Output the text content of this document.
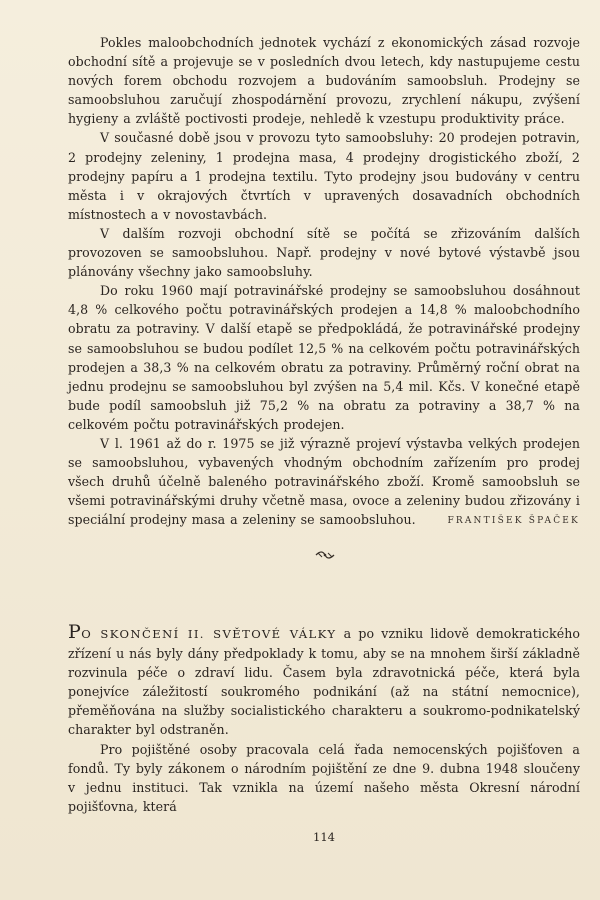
Pokles maloobchodních jednotek vychází z ekonomických zásad rozvoje obchodní sítě a projevuje se v posledních dvou letech, kdy nastupujeme cestu nových forem obchodu rozvojem a budováním samoobsluh. Prodejny se samoobsluhou zaručují zhospodárnění provozu, zrychlení nákupu, zvýšení hygieny a zvláště poctivosti prodeje, nehledě k vzestupu produktivity práce.

V současné době jsou v provozu tyto samoobsluhy: 20 prodejen potravin, 2 prodejny zeleniny, 1 prodejna masa, 4 prodejny drogistického zboží, 2 prodejny papíru a 1 prodejna textilu. Tyto prodejny jsou budovány v centru města i v okrajových čtvrtích v upravených dosavadních obchodních místnostech a v novostavbách.

V dalším rozvoji obchodní sítě se počítá se zřizováním dalších provozoven se samoobsluhou. Např. prodejny v nové bytové výstavbě jsou plánovány všechny jako samoobsluhy.

Do roku 1960 mají potravinářské prodejny se samoobsluhou dosáhnout 4,8 % celkového počtu potravinářských prodejen a 14,8 % maloobchodního obratu za potraviny. V další etapě se předpokládá, že potravinářské prodejny se samoobsluhou se budou podílet 12,5 % na celkovém počtu potravinářských prodejen a 38,3 % na celkovém obratu za potraviny. Průměrný roční obrat na jednu prodejnu se samoobsluhou byl zvýšen na 5,4 mil. Kčs. V konečné etapě bude podíl samoobsluh již 75,2 % na obratu za potraviny a 38,7 % na celkovém počtu potravinářských prodejen.

V l. 1961 až do r. 1975 se již výrazně projeví výstavba velkých prodejen se samoobsluhou, vybavených vhodným obchodním zařízením pro prodej všech druhů účelně baleného potravinářského zboží. Kromě samoobsluh se všemi potravinářskými druhy včetně masa, ovoce a zeleniny budou zřizovány i speciální prodejny masa a zeleniny se samoobsluhou.	FRANTIŠEK ŠPAČEK

PO SKONČENÍ II. SVĚTOVÉ VÁLKY a po vzniku lidově demokratického zřízení u nás byly dány předpoklady k tomu, aby se na mnohem širší základně rozvinula péče o zdraví lidu. Časem byla zdravotnická péče, která byla ponejvíce záležitostí soukromého podnikání (až na státní nemocnice), přeměňována na služby socialistického charakteru a soukromo-podnikatelský charakter byl odstraněn.

Pro pojištěné osoby pracovala celá řada nemocenských pojišťoven a fondů. Ty byly zákonem o národním pojištění ze dne 9. dubna 1948 sloučeny v jednu instituci. Tak vznikla na území našeho města Okresní národní pojišťovna, která

114
